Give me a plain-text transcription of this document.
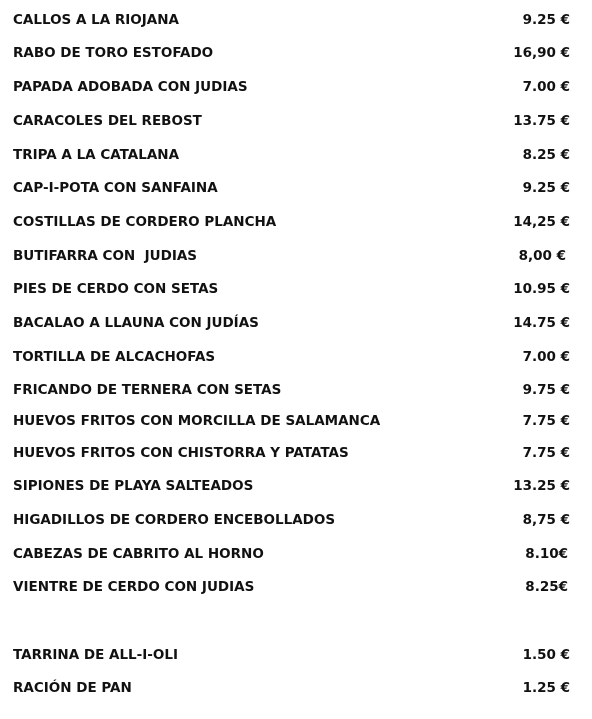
CALLOS A LA RIOJANA	9.25 €
RABO DE TORO ESTOFADO	16,90 €
PAPADA ADOBADA CON JUDIAS	7.00 €
CARACOLES DEL REBOST	13.75 €
TRIPA A LA CATALANA	8.25 €
CAP-I-POTA CON SANFAINA	9.25 €
COSTILLAS DE CORDERO PLANCHA	14,25 €
BUTIFARRA CON  JUDIAS	8,00 €
PIES DE CERDO CON SETAS	10.95 €
BACALAO A LLAUNA CON JUDÍAS	14.75 €
TORTILLA DE ALCACHOFAS	7.00 €
FRICANDO DE TERNERA CON SETAS	9.75 €
HUEVOS FRITOS CON MORCILLA DE SALAMANCA	7.75 €
HUEVOS FRITOS CON CHISTORRA Y PATATAS	7.75 €
SIPIONES DE PLAYA SALTEADOS	13.25 €
HIGADILLOS DE CORDERO ENCEBOLLADOS	8,75 €
CABEZAS DE CABRITO AL HORNO	8.10€
VIENTRE DE CERDO CON JUDIAS	8.25€
TARRINA DE ALL-I-OLI	1.50 €
RACIÓN DE PAN	1.25 €
